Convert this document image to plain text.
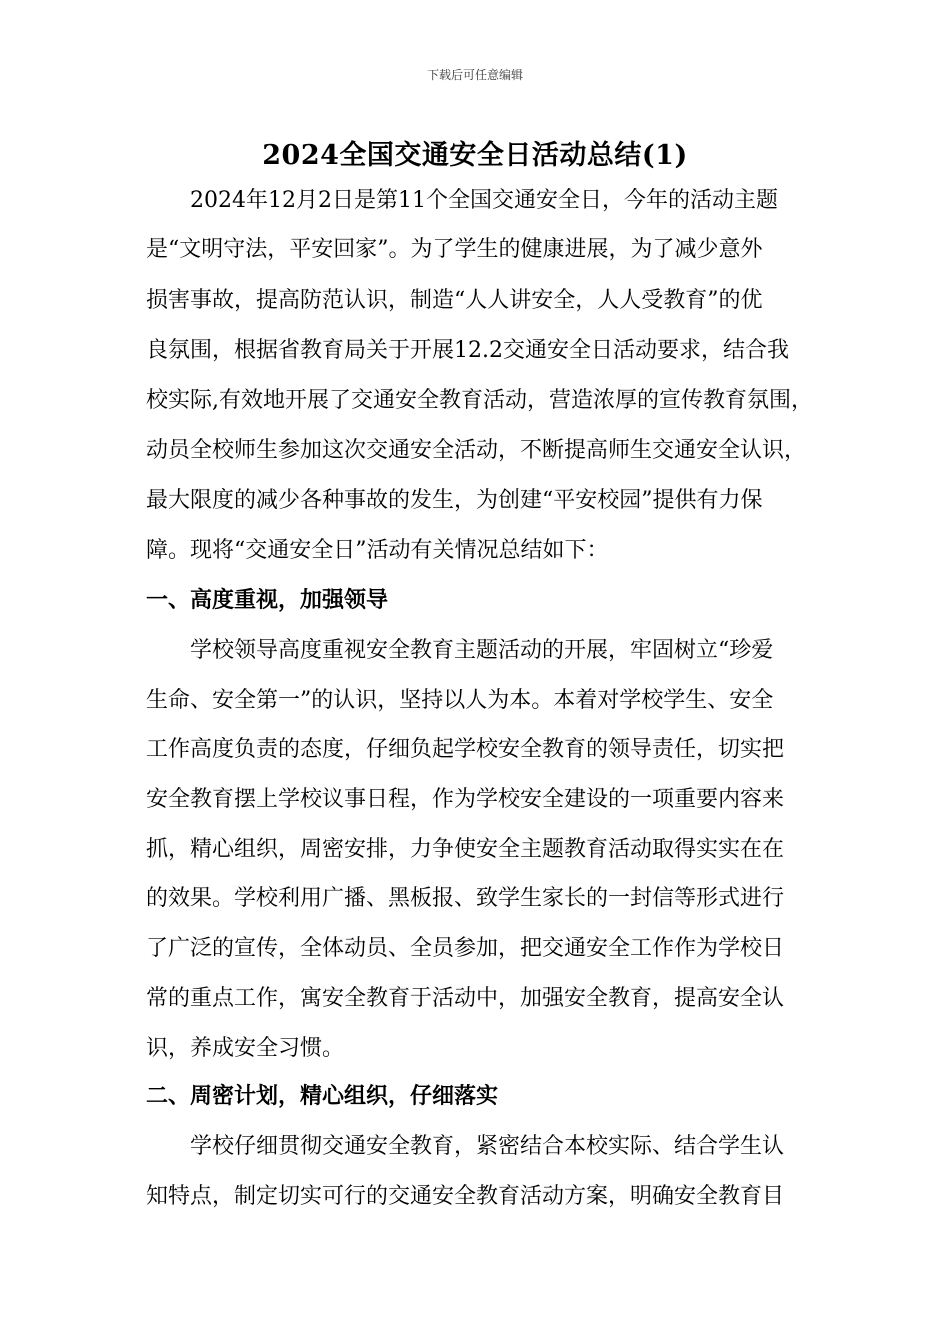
下载后可任意编辑
2024全国交通安全日活动总结(1)
2024年12月2日是第11个全国交通安全日，今年的活动主题
是“文明守法，平安回家”。为了学生的健康进展，为了减少意外
损害事故，提高防范认识，制造“人人讲安全，人人受教育”的优
良氛围，根据省教育局关于开展12.2交通安全日活动要求，结合我
校实际,有效地开展了交通安全教育活动，营造浓厚的宣传教育氛围，
动员全校师生参加这次交通安全活动，不断提高师生交通安全认识，
最大限度的减少各种事故的发生，为创建“平安校园”提供有力保
障。现将“交通安全日”活动有关情况总结如下：
一、高度重视，加强领导
学校领导高度重视安全教育主题活动的开展，牢固树立“珍爱
生命、安全第一”的认识，坚持以人为本。本着对学校学生、安全
工作高度负责的态度，仔细负起学校安全教育的领导责任，切实把
安全教育摆上学校议事日程，作为学校安全建设的一项重要内容来
抓，精心组织，周密安排，力争使安全主题教育活动取得实实在在
的效果。学校利用广播、黑板报、致学生家长的一封信等形式进行
了广泛的宣传，全体动员、全员参加，把交通安全工作作为学校日
常的重点工作，寓安全教育于活动中，加强安全教育，提高安全认
识，养成安全习惯。
二、周密计划，精心组织，仔细落实
学校仔细贯彻交通安全教育，紧密结合本校实际、结合学生认
知特点，制定切实可行的交通安全教育活动方案，明确安全教育目
